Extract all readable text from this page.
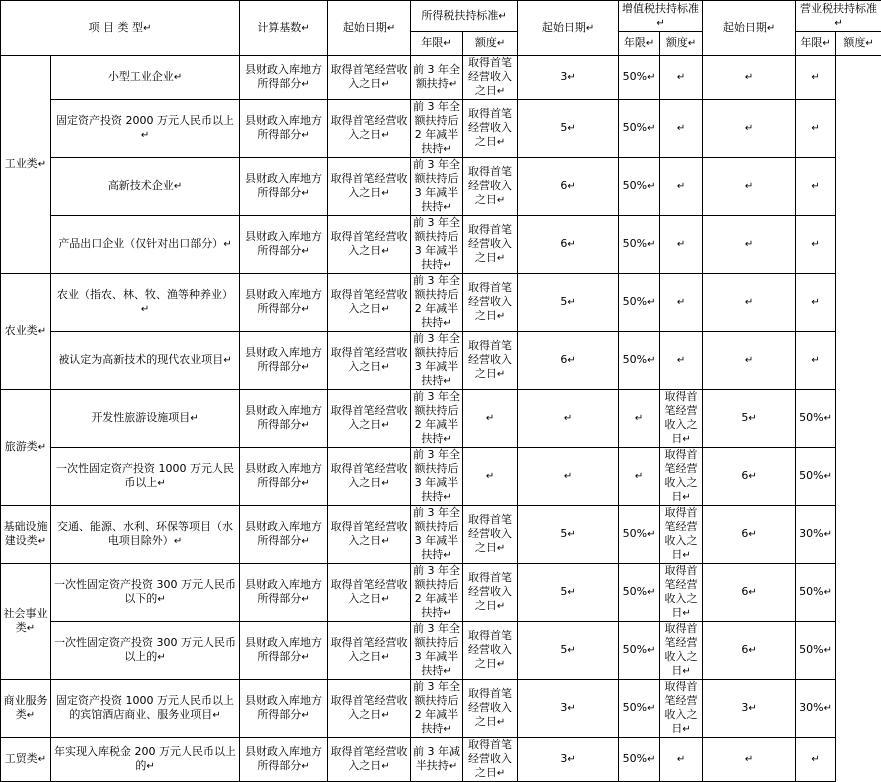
项 目 类 型↵		计算基数↵	起始日期↵	所得税扶持标准↵		起始日期↵	增值税扶持标准↵		起始日期↵	营业税扶持标准↵	
				年限↵	额度↵		年限↵	额度↵		年限↵	额度↵
工业类↵	小型工业企业↵	县财政入库地方所得部分↵	取得首笔经营收入之日↵	前 3 年全额扶持↵	取得首笔经营收入之日↵	3↵	50%↵	↵	↵	↵	
	固定资产投资 2000 万元人民币以上↵	县财政入库地方所得部分↵	取得首笔经营收入之日↵	前 3 年全额扶持后 2 年减半扶持↵	取得首笔经营收入之日↵	5↵	50%↵	↵	↵	↵	
	高新技术企业↵	县财政入库地方所得部分↵	取得首笔经营收入之日↵	前 3 年全额扶持后 3 年减半扶持↵	取得首笔经营收入之日↵	6↵	50%↵	↵	↵	↵	
	产品出口企业（仅针对出口部分）↵	县财政入库地方所得部分↵	取得首笔经营收入之日↵	前 3 年全额扶持后 3 年减半扶持↵	取得首笔经营收入之日↵	6↵	50%↵	↵	↵	↵	
农业类↵	农业（指农、林、牧、渔等种养业）↵	县财政入库地方所得部分↵	取得首笔经营收入之日↵	前 3 年全额扶持后 2 年减半扶持↵	取得首笔经营收入之日↵	5↵	50%↵	↵	↵	↵	
	被认定为高新技术的现代农业项目↵	县财政入库地方所得部分↵	取得首笔经营收入之日↵	前 3 年全额扶持后 3 年减半扶持↵	取得首笔经营收入之日↵	6↵	50%↵	↵	↵	↵	
旅游类↵	开发性旅游设施项目↵	县财政入库地方所得部分↵	取得首笔经营收入之日↵	前 3 年全额扶持后 2 年减半扶持↵	↵	↵	↵	取得首笔经营收入之日↵	5↵	50%↵	
	一次性固定资产投资 1000 万元人民币以上↵	县财政入库地方所得部分↵	取得首笔经营收入之日↵	前 3 年全额扶持后 3 年减半扶持↵	↵	↵	↵	取得首笔经营收入之日↵	6↵	50%↵	
基础设施建设类↵	交通、能源、水利、环保等项目（水电项目除外）↵	县财政入库地方所得部分↵	取得首笔经营收入之日↵	前 3 年全额扶持后 3 年减半扶持↵	取得首笔经营收入之日↵	5↵	50%↵	取得首笔经营收入之日↵	6↵	30%↵	
社会事业类↵	一次性固定资产投资 300 万元人民币以下的↵	县财政入库地方所得部分↵	取得首笔经营收入之日↵	前 3 年全额扶持后 2 年减半扶持↵	取得首笔经营收入之日↵	5↵	50%↵	取得首笔经营收入之日↵	6↵	50%↵	
	一次性固定资产投资 300 万元人民币以上的↵	县财政入库地方所得部分↵	取得首笔经营收入之日↵	前 3 年全额扶持后 3 年减半扶持↵	取得首笔经营收入之日↵	5↵	50%↵	取得首笔经营收入之日↵	6↵	50%↵	
商业服务类↵	固定资产投资 1000 万元人民币以上的宾馆酒店商业、服务业项目↵	县财政入库地方所得部分↵	取得首笔经营收入之日↵	前 3 年全额扶持后 2 年减半扶持↵	取得首笔经营收入之日↵	3↵	50%↵	取得首笔经营收入之日↵	3↵	30%↵	
工贸类↵	年实现入库税金 200 万元人民币以上的↵	县财政入库地方所得部分↵	取得首笔经营收入之日↵	前 3 年减半扶持↵	取得首笔经营收入之日↵	3↵	50%↵	↵	↵	↵	
